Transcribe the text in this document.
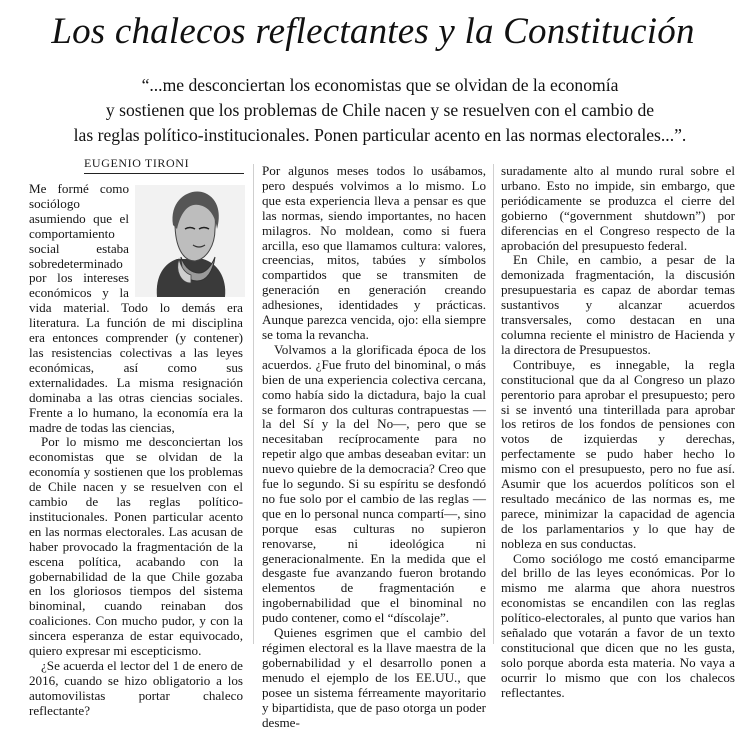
Los chalecos reflectantes y la Constitución
“...me desconciertan los economistas que se olvidan de la economía
y sostienen que los problemas de Chile nacen y se resuelven con el cambio de
las reglas político-institucionales. Ponen particular acento en las normas electorales...”.
EUGENIO TIRONI

Me formé como sociólogo asumiendo que el comportamiento social estaba sobredeterminado por los intereses económicos y la vida material. Todo lo demás era literatura. La función de mi disciplina era entonces comprender (y contener) las resistencias colectivas a las leyes económicas, así como sus externalidades. La misma resignación dominaba a las otras ciencias sociales. Frente a lo humano, la economía era la madre de todas las ciencias,

Por lo mismo me desconciertan los economistas que se olvidan de la economía y sostienen que los problemas de Chile nacen y se resuelven con el cambio de las reglas político-institucionales. Ponen particular acento en las normas electorales. Las acusan de haber provocado la fragmentación de la escena política, acabando con la gobernabilidad de la que Chile gozaba en los gloriosos tiempos del sistema binominal, cuando reinaban dos coaliciones. Con mucho pudor, y con la sincera esperanza de estar equivocado, quiero expresar mi escepticismo.

¿Se acuerda el lector del 1 de enero de 2016, cuando se hizo obligatorio a los automovilistas portar chaleco reflectante?

Por algunos meses todos lo usábamos, pero después volvimos a lo mismo. Lo que esta experiencia lleva a pensar es que las normas, siendo importantes, no hacen milagros. No moldean, como si fuera arcilla, eso que llamamos cultura: valores, creencias, mitos, tabúes y símbolos compartidos que se transmiten de generación en generación creando adhesiones, identidades y prácticas. Aunque parezca vencida, ojo: ella siempre se toma la revancha.

Volvamos a la glorificada época de los acuerdos. ¿Fue fruto del binominal, o más bien de una experiencia colectiva cercana, como había sido la dictadura, bajo la cual se formaron dos culturas contrapuestas —la del Sí y la del No—, pero que se necesitaban recíprocamente para no repetir algo que ambas deseaban evitar: un nuevo quiebre de la democracia? Creo que fue lo segundo. Si su espíritu se desfondó no fue solo por el cambio de las reglas —que en lo personal nunca compartí—, sino porque esas culturas no supieron renovarse, ni ideológica ni generacionalmente. En la medida que el desgaste fue avanzando fueron brotando elementos de fragmentación e ingobernabilidad que el binominal no pudo contener, como el “díscolaje”.

Quienes esgrimen que el cambio del régimen electoral es la llave maestra de la gobernabilidad y el desarrollo ponen a menudo el ejemplo de los EE.UU., que posee un sistema férreamente mayoritario y bipartidista, que de paso otorga un poder desme-

suradamente alto al mundo rural sobre el urbano. Esto no impide, sin embargo, que periódicamente se produzca el cierre del gobierno (“government shutdown”) por diferencias en el Congreso respecto de la aprobación del presupuesto federal.

En Chile, en cambio, a pesar de la demonizada fragmentación, la discusión presupuestaria es capaz de abordar temas sustantivos y alcanzar acuerdos transversales, como destacan en una columna reciente el ministro de Hacienda y la directora de Presupuestos.

Contribuye, es innegable, la regla constitucional que da al Congreso un plazo perentorio para aprobar el presupuesto; pero si se inventó una tinterillada para aprobar los retiros de los fondos de pensiones con votos de izquierdas y derechas, perfectamente se pudo haber hecho lo mismo con el presupuesto, pero no fue así. Asumir que los acuerdos políticos son el resultado mecánico de las normas es, me parece, minimizar la capacidad de agencia de los parlamentarios y lo que hay de nobleza en sus conductas.

Como sociólogo me costó emanciparme del brillo de las leyes económicas. Por lo mismo me alarma que ahora nuestros economistas se encandilen con las reglas político-electorales, al punto que varios han señalado que votarán a favor de un texto constitucional que dicen que no les gusta, solo porque aborda esta materia. No vaya a ocurrir lo mismo que con los chalecos reflectantes.
